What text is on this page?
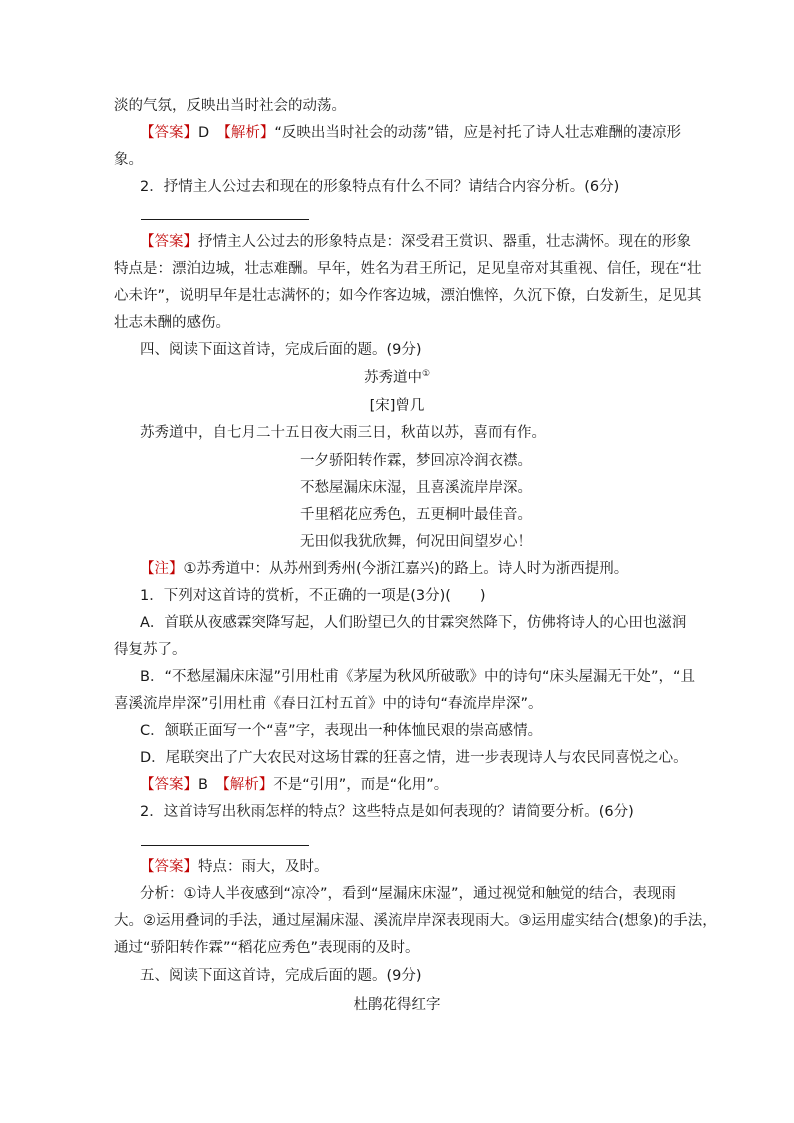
淡的气氛，反映出当时社会的动荡。
【答案】D　【解析】“反映出当时社会的动荡”错，应是衬托了诗人壮志难酬的凄凉形
象。
2．抒情主人公过去和现在的形象特点有什么不同？请结合内容分析。(6分)
【答案】抒情主人公过去的形象特点是：深受君王赏识、器重，壮志满怀。现在的形象
特点是：漂泊边城，壮志难酬。早年，姓名为君王所记，足见皇帝对其重视、信任，现在“壮
心未许”，说明早年是壮志满怀的；如今作客边城，漂泊憔悴，久沉下僚，白发新生，足见其
壮志未酬的感伤。
四、阅读下面这首诗，完成后面的题。(9分)
苏秀道中①
[宋]曾几
苏秀道中，自七月二十五日夜大雨三日，秋苗以苏，喜而有作。
一夕骄阳转作霖，梦回凉冷润衣襟。
不愁屋漏床床湿，且喜溪流岸岸深。
千里稻花应秀色，五更桐叶最佳音。
无田似我犹欣舞，何况田间望岁心！
【注】①苏秀道中：从苏州到秀州(今浙江嘉兴)的路上。诗人时为浙西提刑。
1．下列对这首诗的赏析，不正确的一项是(3分)(　　)
A．首联从夜感霖突降写起，人们盼望已久的甘霖突然降下，仿佛将诗人的心田也滋润
得复苏了。
B．“不愁屋漏床床湿”引用杜甫《茅屋为秋风所破歌》中的诗句“床头屋漏无干处”，“且
喜溪流岸岸深”引用杜甫《春日江村五首》中的诗句“春流岸岸深”。
C．颔联正面写一个“喜”字，表现出一种体恤民艰的崇高感情。
D．尾联突出了广大农民对这场甘霖的狂喜之情，进一步表现诗人与农民同喜悦之心。
【答案】B　【解析】不是“引用”，而是“化用”。
2．这首诗写出秋雨怎样的特点？这些特点是如何表现的？请简要分析。(6分)
【答案】特点：雨大，及时。
分析：①诗人半夜感到“凉冷”，看到“屋漏床床湿”，通过视觉和触觉的结合，表现雨
大。②运用叠词的手法，通过屋漏床湿、溪流岸岸深表现雨大。③运用虚实结合(想象)的手法，
通过“骄阳转作霖”“稻花应秀色”表现雨的及时。
五、阅读下面这首诗，完成后面的题。(9分)
杜鹃花得红字
